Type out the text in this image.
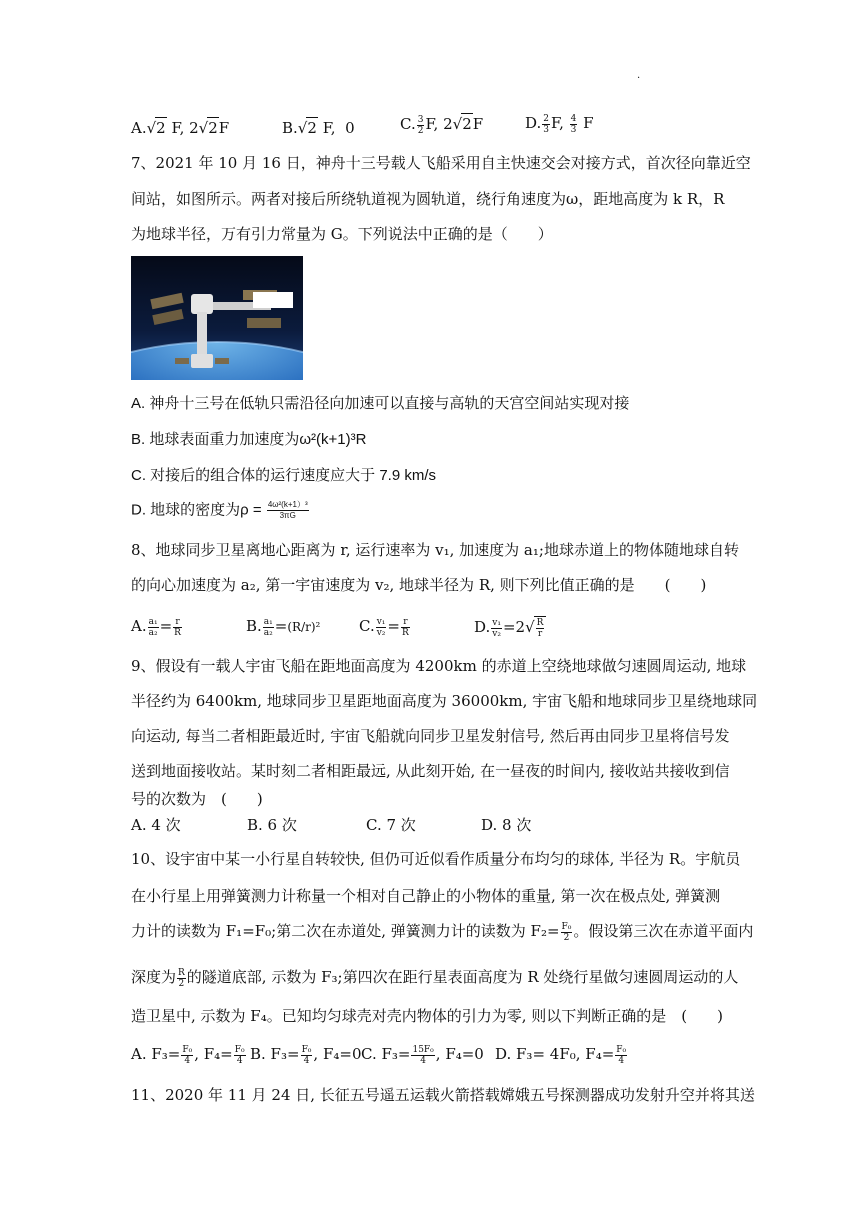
.
A.√2 F, 2√2F	B.√2 F, 0	C. $\frac{3}{2} F$, 2√2F	D. $\frac{2}{3} F$, $\frac{4}{3}$ F
7、2021 年 10 月 16 日，神舟十三号载人飞船采用自主快速交会对接方式，首次径向靠近空
间站，如图所示。两者对接后所绕轨道视为圆轨道，绕行角速度为ω，距地高度为 k R，R
为地球半径，万有引力常量为 G。下列说法中正确的是（　　）
A. 神舟十三号在低轨只需沿径向加速可以直接与高轨的天宫空间站实现对接
B. 地球表面重力加速度为ω²(k+1)³R
C. 对接后的组合体的运行速度应大于 7.9 km/s
D. 地球的密度为$\rho = \frac{\text{4ω²(k+1）³}}{3\pi G}$
8、地球同步卫星离地心距离为 r, 运行速率为 v₁, 加速度为 a₁;地球赤道上的物体随地球自转
的向心加速度为 a₂, 第一宇宙速度为 v₂, 地球半径为 R, 则下列比值正确的是　　(　　)
A. $\frac{\text{a₁}}{\text{a₂}} = \frac{r}{R}$	B. $\frac{\text{a₁}}{\text{a₂}} =(R/r)^2$	C. $\frac{\text{v₁}}{\text{v₂}} = \frac{r}{R}$	D. $\frac{\text{v₁}}{\text{v₂}} =2√ \frac{R}{r}$
9、假设有一载人宇宙飞船在距地面高度为 4200km 的赤道上空绕地球做匀速圆周运动, 地球
半径约为 6400km, 地球同步卫星距地面高度为 36000km, 宇宙飞船和地球同步卫星绕地球同
向运动, 每当二者相距最近时, 宇宙飞船就向同步卫星发射信号, 然后再由同步卫星将信号发
送到地面接收站。某时刻二者相距最远, 从此刻开始, 在一昼夜的时间内, 接收站共接收到信
号的次数为　(　　)
A. 4 次	B. 6 次	C. 7 次	D. 8 次
10、设宇宙中某一小行星自转较快, 但仍可近似看作质量分布均匀的球体, 半径为 R。宇航员
在小行星上用弹簧测力计称量一个相对自己静止的小物体的重量, 第一次在极点处, 弹簧测
力计的读数为 F₁=F₀;第二次在赤道处, 弹簧测力计的读数为 $F_2= \frac{\text{F₀}}{2}$ 。假设第三次在赤道平面内
深度为 $\frac{R}{2}$ 的隧道底部, 示数为 F₃;第四次在距行星表面高度为 R 处绕行星做匀速圆周运动的人
造卫星中, 示数为 F₄。已知均匀球壳对壳内物体的引力为零, 则以下判断正确的是　(　　)
A. $F_3= \frac{\text{F₀}}{4}$ , $F_4= \frac{\text{F₀}}{4} B$. $F_3= \frac{\text{F₀}}{4}$ , F₄=0 C. $F_3= \frac{\text{15F₀}}{4}$ , F₄=0 D. F₃= 4F₀, $F_4= \frac{\text{F₀}}{4}$
11、2020 年 11 月 24 日, 长征五号遥五运载火箭搭载嫦娥五号探测器成功发射升空并将其送
